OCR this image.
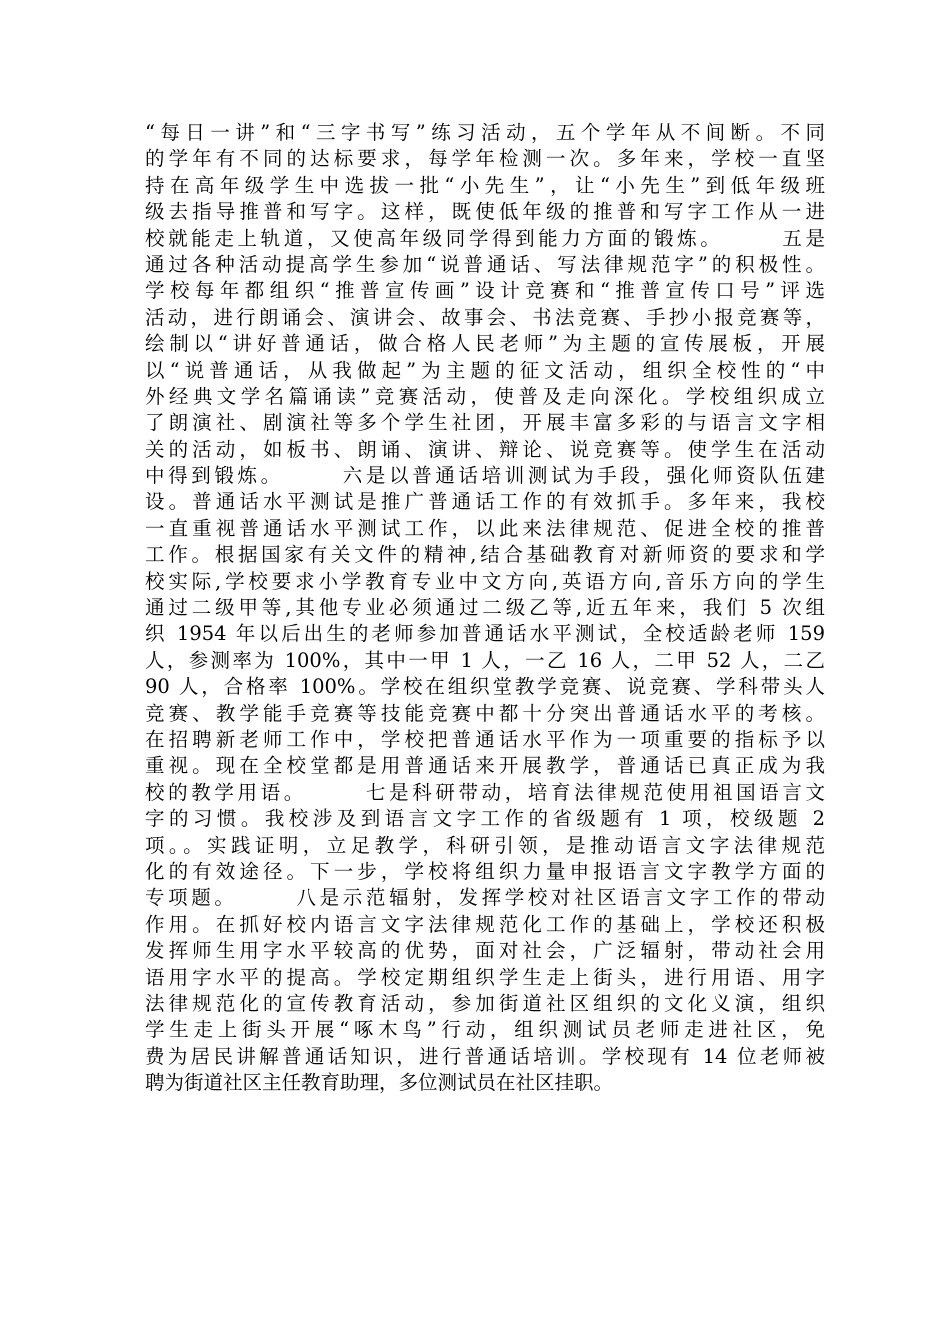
“每日一讲”和“三字书写”练习活动，五个学年从不间断。不同
的学年有不同的达标要求，每学年检测一次。多年来，学校一直坚
持在高年级学生中选拔一批“小先生”，让“小先生”到低年级班
级去指导推普和写字。这样，既使低年级的推普和写字工作从一进
校就能走上轨道，又使高年级同学得到能力方面的锻炼。      五是
通过各种活动提高学生参加“说普通话、写法律规范字”的积极性。
学校每年都组织“推普宣传画”设计竞赛和“推普宣传口号”评选
活动，进行朗诵会、演讲会、故事会、书法竞赛、手抄小报竞赛等，
绘制以“讲好普通话，做合格人民老师”为主题的宣传展板，开展
以“说普通话，从我做起”为主题的征文活动，组织全校性的“中
外经典文学名篇诵读”竞赛活动，使普及走向深化。学校组织成立
了朗演社、剧演社等多个学生社团，开展丰富多彩的与语言文字相
关的活动，如板书、朗诵、演讲、辩论、说竞赛等。使学生在活动
中得到锻炼。      六是以普通话培训测试为手段，强化师资队伍建
设。普通话水平测试是推广普通话工作的有效抓手。多年来，我校
一直重视普通话水平测试工作，以此来法律规范、促进全校的推普
工作。根据国家有关文件的精神,结合基础教育对新师资的要求和学
校实际,学校要求小学教育专业中文方向,英语方向,音乐方向的学生
通过二级甲等,其他专业必须通过二级乙等,近五年来，我们 5 次组
织 1954 年以后出生的老师参加普通话水平测试，全校适龄老师 159
人，参测率为 100%，其中一甲 1 人，一乙 16 人，二甲 52 人，二乙
90 人，合格率 100%。学校在组织堂教学竞赛、说竞赛、学科带头人
竞赛、教学能手竞赛等技能竞赛中都十分突出普通话水平的考核。
在招聘新老师工作中，学校把普通话水平作为一项重要的指标予以
重视。现在全校堂都是用普通话来开展教学，普通话已真正成为我
校的教学用语。      七是科研带动，培育法律规范使用祖国语言文
字的习惯。我校涉及到语言文字工作的省级题有 1 项，校级题 2
项。。实践证明，立足教学，科研引领，是推动语言文字法律规范
化的有效途径。下一步，学校将组织力量申报语言文字教学方面的
专项题。      八是示范辐射，发挥学校对社区语言文字工作的带动
作用。在抓好校内语言文字法律规范化工作的基础上，学校还积极
发挥师生用字水平较高的优势，面对社会，广泛辐射，带动社会用
语用字水平的提高。学校定期组织学生走上街头，进行用语、用字
法律规范化的宣传教育活动，参加街道社区组织的文化义演，组织
学生走上街头开展“啄木鸟”行动，组织测试员老师走进社区，免
费为居民讲解普通话知识，进行普通话培训。学校现有 14 位老师被
聘为街道社区主任教育助理，多位测试员在社区挂职。
